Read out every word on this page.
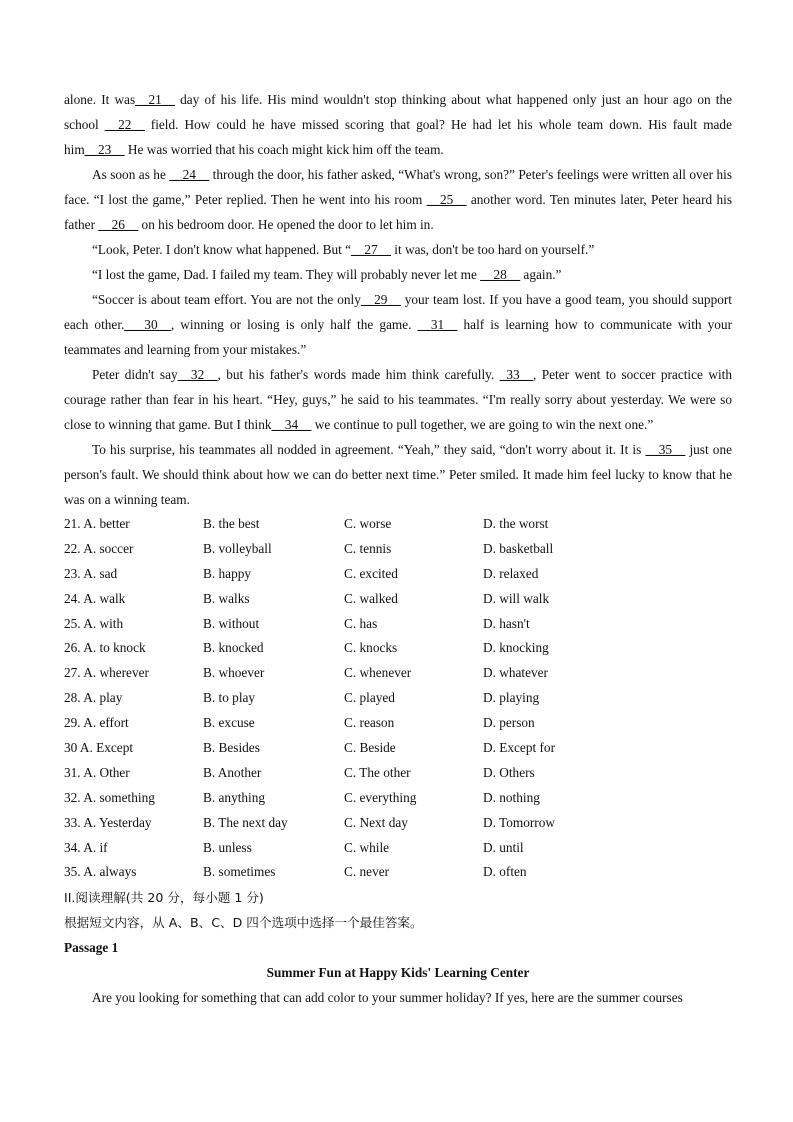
alone. It was__21__ day of his life. His mind wouldn't stop thinking about what happened only just an hour ago on the school __22__ field. How could he have missed scoring that goal? He had let his whole team down. His fault made him__23__ He was worried that his coach might kick him off the team.

As soon as he __24__ through the door, his father asked, “What's wrong, son?” Peter's feelings were written all over his face. “I lost the game,” Peter replied. Then he went into his room __25__ another word. Ten minutes later, Peter heard his father __26__ on his bedroom door. He opened the door to let him in.

“Look, Peter. I don't know what happened. But “__27__ it was, don't be too hard on yourself.”

“I lost the game, Dad. I failed my team. They will probably never let me __28__ again.”

“Soccer is about team effort. You are not the only__29__ your team lost. If you have a good team, you should support each other.___30__, winning or losing is only half the game. __31__ half is learning how to communicate with your teammates and learning from your mistakes.”

Peter didn't say__32__, but his father's words made him think carefully. _33__, Peter went to soccer practice with courage rather than fear in his heart. “Hey, guys,” he said to his teammates. “I'm really sorry about yesterday. We were so close to winning that game. But I think__34__ we continue to pull together, we are going to win the next one.”

To his surprise, his teammates all nodded in agreement. “Yeah,” they said, “don't worry about it. It is __35__ just one person's fault. We should think about how we can do better next time.” Peter smiled. It made him feel lucky to know that he was on a winning team.

21. A. better	B. the best	C. worse	D. the worst
22. A. soccer	B. volleyball	C. tennis	D. basketball
23. A. sad	B. happy	C. excited	D. relaxed
24. A. walk	B. walks	C. walked	D. will walk
25. A. with	B. without	C. has	D. hasn't
26. A. to knock	B. knocked	C. knocks	D. knocking
27. A. wherever	B. whoever	C. whenever	D. whatever
28. A. play	B. to play	C. played	D. playing
29. A. effort	B. excuse	C. reason	D. person
30 A. Except	B. Besides	C. Beside	D. Except for
31. A. Other	B. Another	C. The other	D. Others
32. A. something	B. anything	C. everything	D. nothing
33. A. Yesterday	B. The next day	C. Next day	D. Tomorrow
34. A. if	B. unless	C. while	D. until
35. A. always	B. sometimes	C. never	D. often

II.阅读理解(共 20 分，每小题 1 分)

根据短文内容，从 A、B、C、D 四个选项中选择一个最佳答案。

Passage 1

Summer Fun at Happy Kids' Learning Center

Are you looking for something that can add color to your summer holiday? If yes, here are the summer courses
